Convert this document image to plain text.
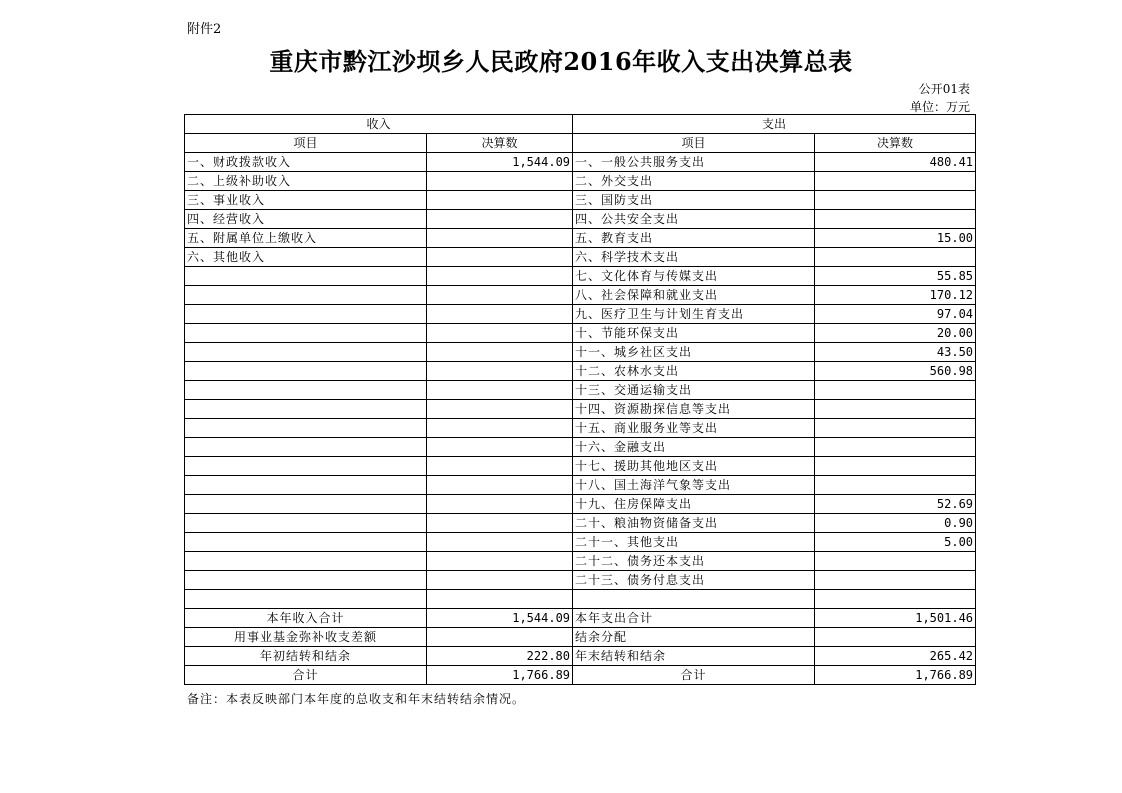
附件2
重庆市黔江沙坝乡人民政府2016年收入支出决算总表
公开01表
单位：万元
收入		支出	
项目	决算数	项目	决算数
一、财政拨款收入	1,544.09	一、一般公共服务支出	480.41
二、上级补助收入		二、外交支出	
三、事业收入		三、国防支出	
四、经营收入		四、公共安全支出	
五、附属单位上缴收入		五、教育支出	15.00
六、其他收入		六、科学技术支出	
		七、文化体育与传媒支出	55.85
		八、社会保障和就业支出	170.12
		九、医疗卫生与计划生育支出	97.04
		十、节能环保支出	20.00
		十一、城乡社区支出	43.50
		十二、农林水支出	560.98
		十三、交通运输支出	
		十四、资源勘探信息等支出	
		十五、商业服务业等支出	
		十六、金融支出	
		十七、援助其他地区支出	
		十八、国土海洋气象等支出	
		十九、住房保障支出	52.69
		二十、粮油物资储备支出	0.90
		二十一、其他支出	5.00
		二十二、债务还本支出	
		二十三、债务付息支出	

本年收入合计	1,544.09	本年支出合计	1,501.46
用事业基金弥补收支差额		结余分配	
年初结转和结余	222.80	年末结转和结余	265.42
合计	1,766.89	合计	1,766.89
备注：本表反映部门本年度的总收支和年末结转结余情况。
